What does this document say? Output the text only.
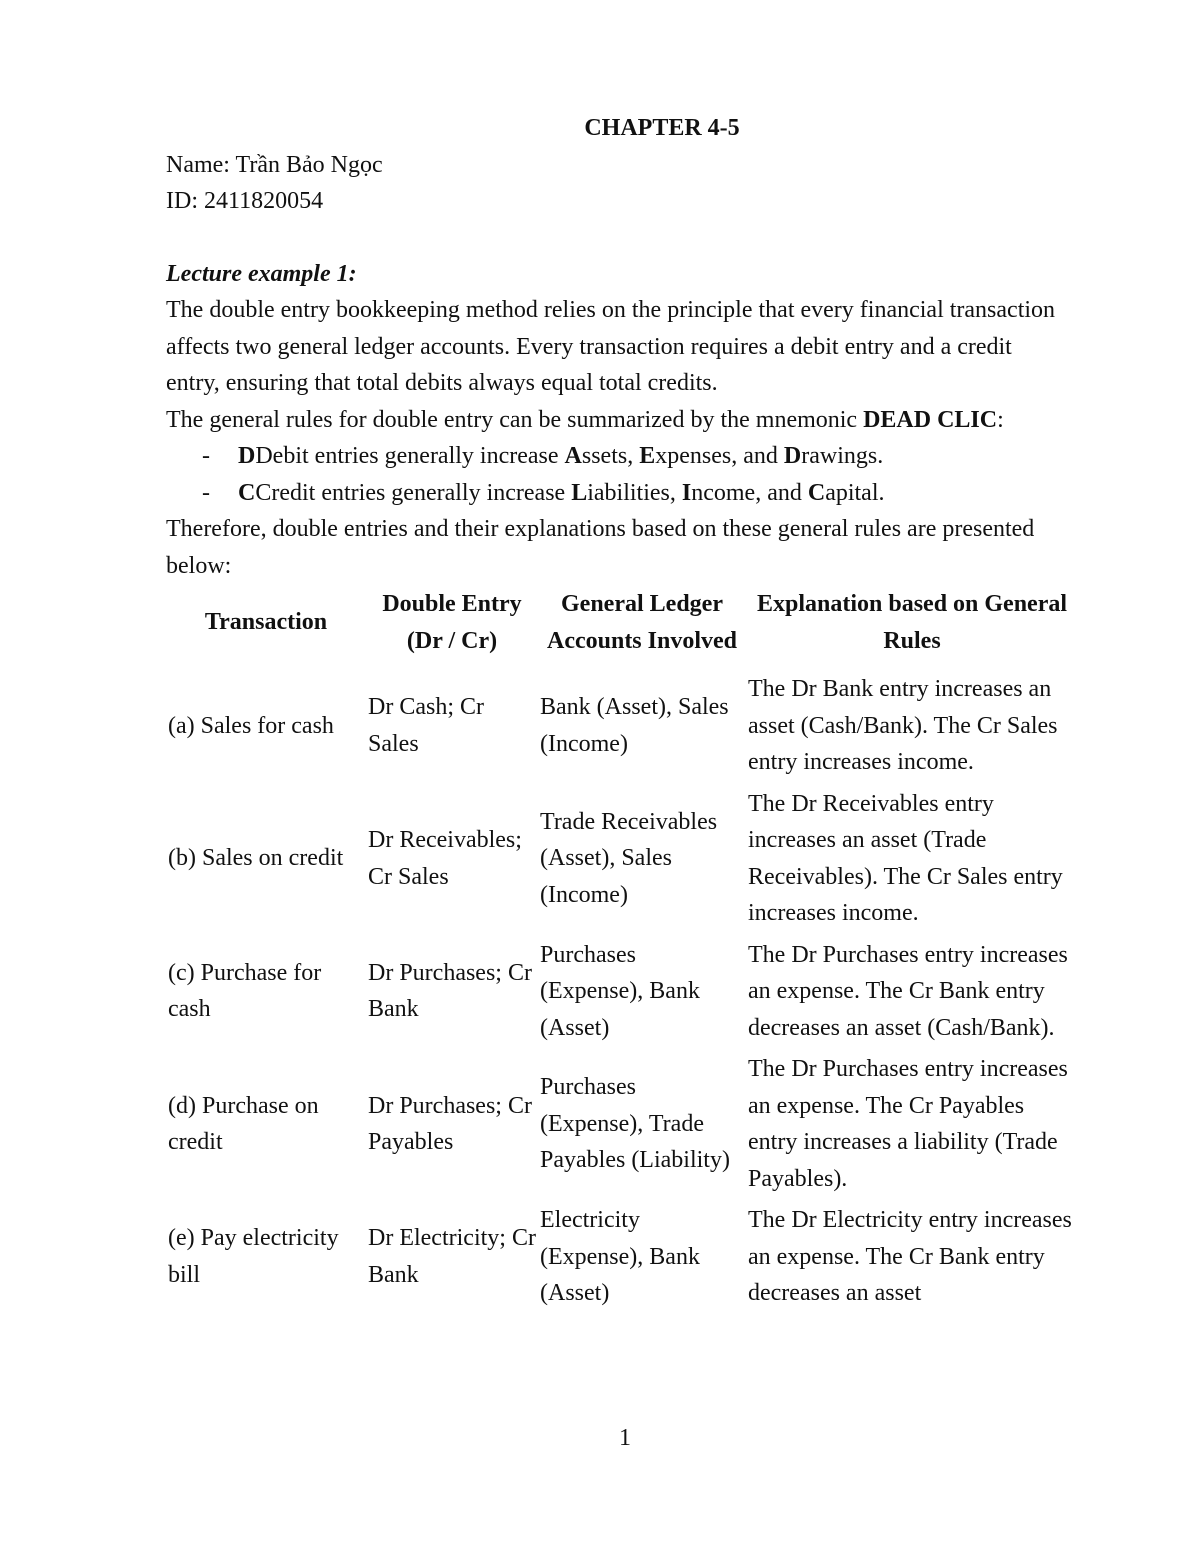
CHAPTER 4-5

Name: Trần Bảo Ngọc

ID: 2411820054

Lecture example 1:

The double entry bookkeeping method relies on the principle that every financial transaction affects two general ledger accounts. Every transaction requires a debit entry and a credit entry, ensuring that total debits always equal total credits.

The general rules for double entry can be summarized by the mnemonic DEAD CLIC:

- DDebit entries generally increase Assets, Expenses, and Drawings.
- CCredit entries generally increase Liabilities, Income, and Capital.

Therefore, double entries and their explanations based on these general rules are presented below:

Transaction	Double Entry (Dr / Cr)	General Ledger Accounts Involved	Explanation based on General Rules
(a) Sales for cash	Dr Cash; Cr Sales	Bank (Asset), Sales (Income)	The Dr Bank entry increases an asset (Cash/Bank). The Cr Sales entry increases income.
(b) Sales on credit	Dr Receivables; Cr Sales	Trade Receivables (Asset), Sales (Income)	The Dr Receivables entry increases an asset (Trade Receivables). The Cr Sales entry increases income.
(c) Purchase for cash	Dr Purchases; Cr Bank	Purchases (Expense), Bank (Asset)	The Dr Purchases entry increases an expense. The Cr Bank entry decreases an asset (Cash/Bank).
(d) Purchase on credit	Dr Purchases; Cr Payables	Purchases (Expense), Trade Payables (Liability)	The Dr Purchases entry increases an expense. The Cr Payables entry increases a liability (Trade Payables).
(e) Pay electricity bill	Dr Electricity; Cr Bank	Electricity (Expense), Bank (Asset)	The Dr Electricity entry increases an expense. The Cr Bank entry decreases an asset
1
